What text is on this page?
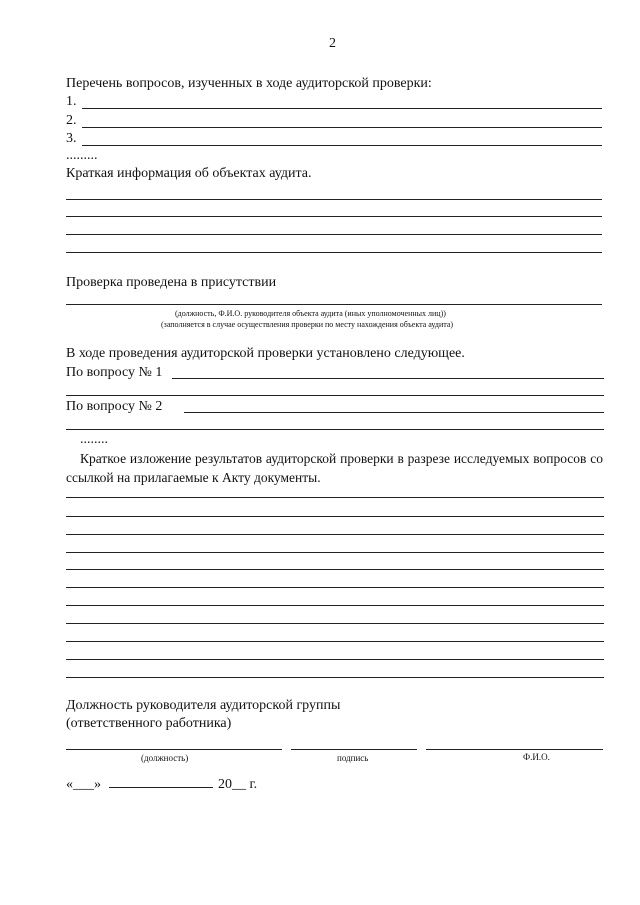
2
Перечень вопросов, изученных в ходе аудиторской проверки:
1.
2.
3.
.........
Краткая информация об объектах аудита.
Проверка проведена в присутствии
(должность, Ф.И.О. руководителя объекта аудита (иных уполномоченных лиц))
(заполняется в случае осуществления проверки по месту нахождения объекта аудита)
В ходе проведения аудиторской проверки установлено следующее.
По вопросу № 1
По вопросу № 2
........
Краткое изложение результатов аудиторской проверки в разрезе исследуемых вопросов со ссылкой на прилагаемые к Акту документы.
Должность руководителя аудиторской группы
(ответственного работника)
(должность)	подпись	Ф.И.О.
«___»	20__ г.
